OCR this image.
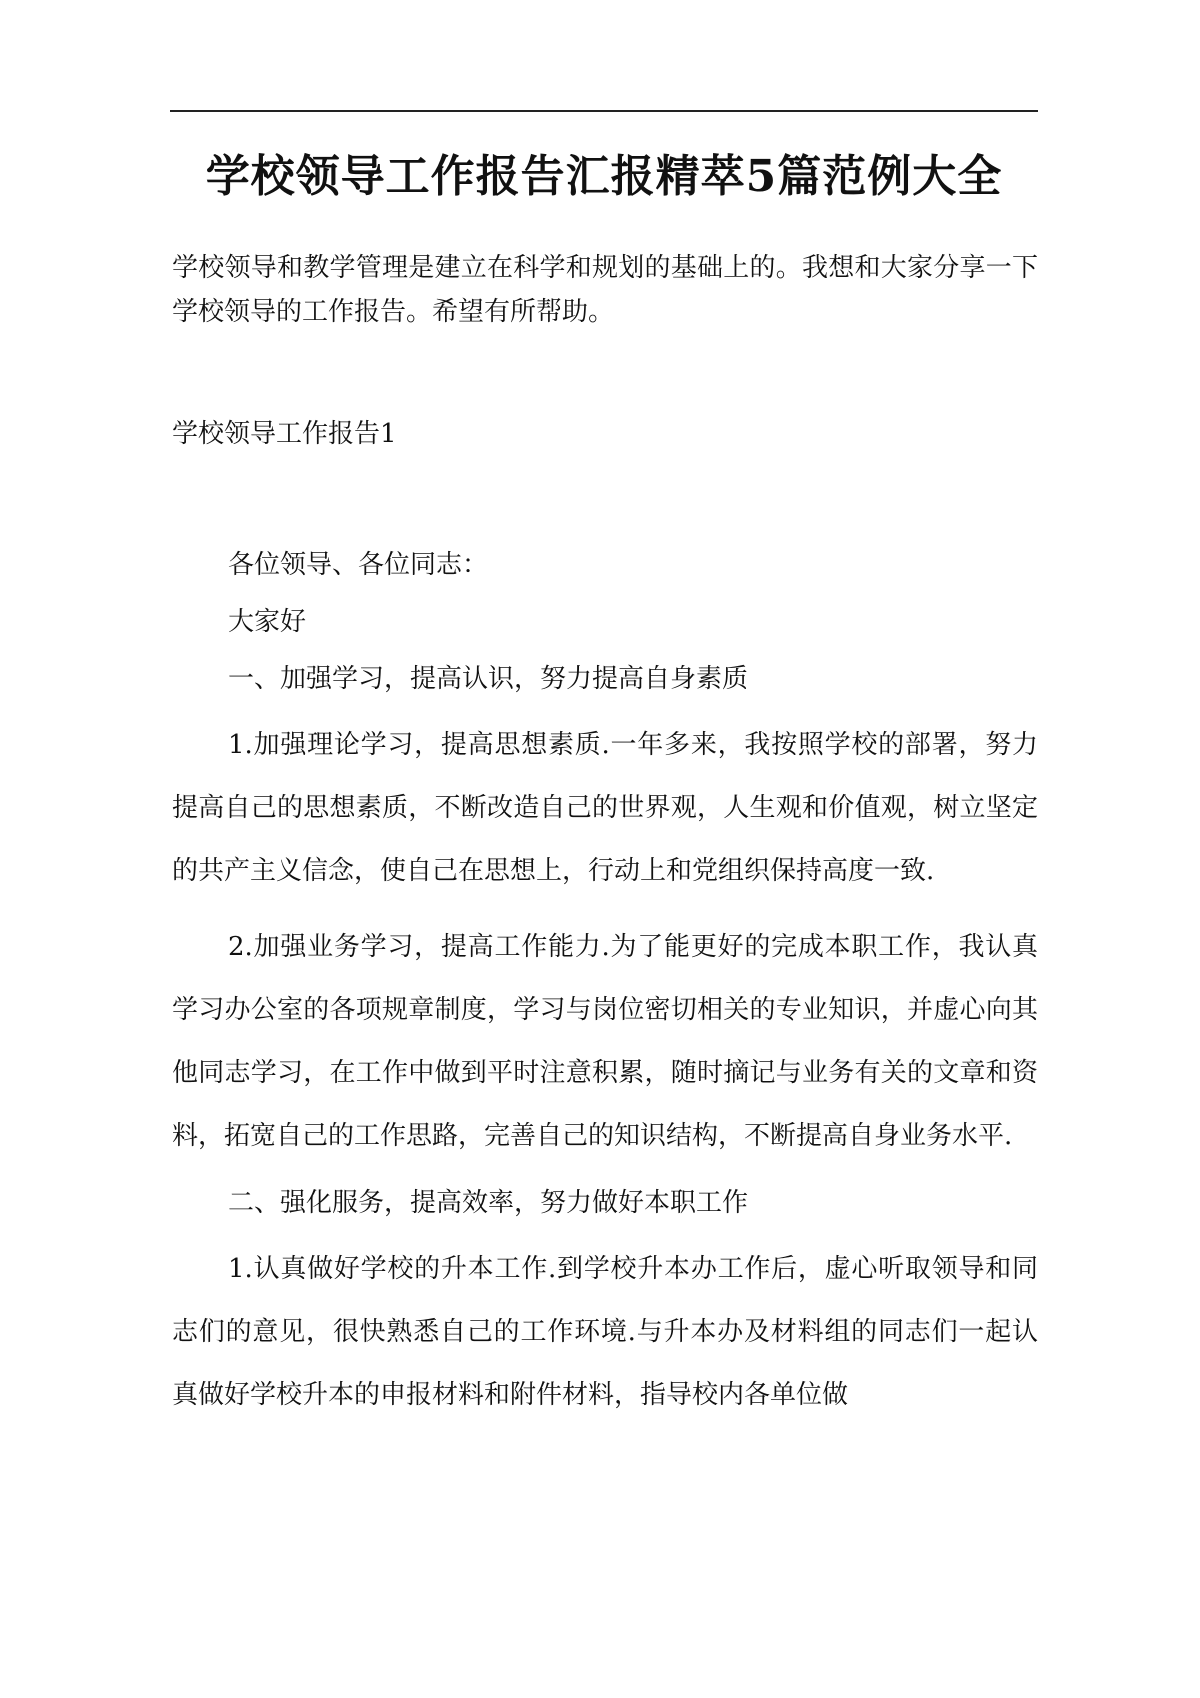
学校领导工作报告汇报精萃5篇范例大全

学校领导和教学管理是建立在科学和规划的基础上的。我想和大家分享一下学校领导的工作报告。希望有所帮助。

学校领导工作报告1

各位领导、各位同志：

大家好

一、加强学习，提高认识，努力提高自身素质

1.加强理论学习，提高思想素质.一年多来，我按照学校的部署，努力提高自己的思想素质，不断改造自己的世界观，人生观和价值观，树立坚定的共产主义信念，使自己在思想上，行动上和党组织保持高度一致.

2.加强业务学习，提高工作能力.为了能更好的完成本职工作，我认真学习办公室的各项规章制度，学习与岗位密切相关的专业知识，并虚心向其他同志学习，在工作中做到平时注意积累，随时摘记与业务有关的文章和资料，拓宽自己的工作思路，完善自己的知识结构，不断提高自身业务水平.

二、强化服务，提高效率，努力做好本职工作

1.认真做好学校的升本工作.到学校升本办工作后，虚心听取领导和同志们的意见，很快熟悉自己的工作环境.与升本办及材料组的同志们一起认真做好学校升本的申报材料和附件材料，指导校内各单位做
